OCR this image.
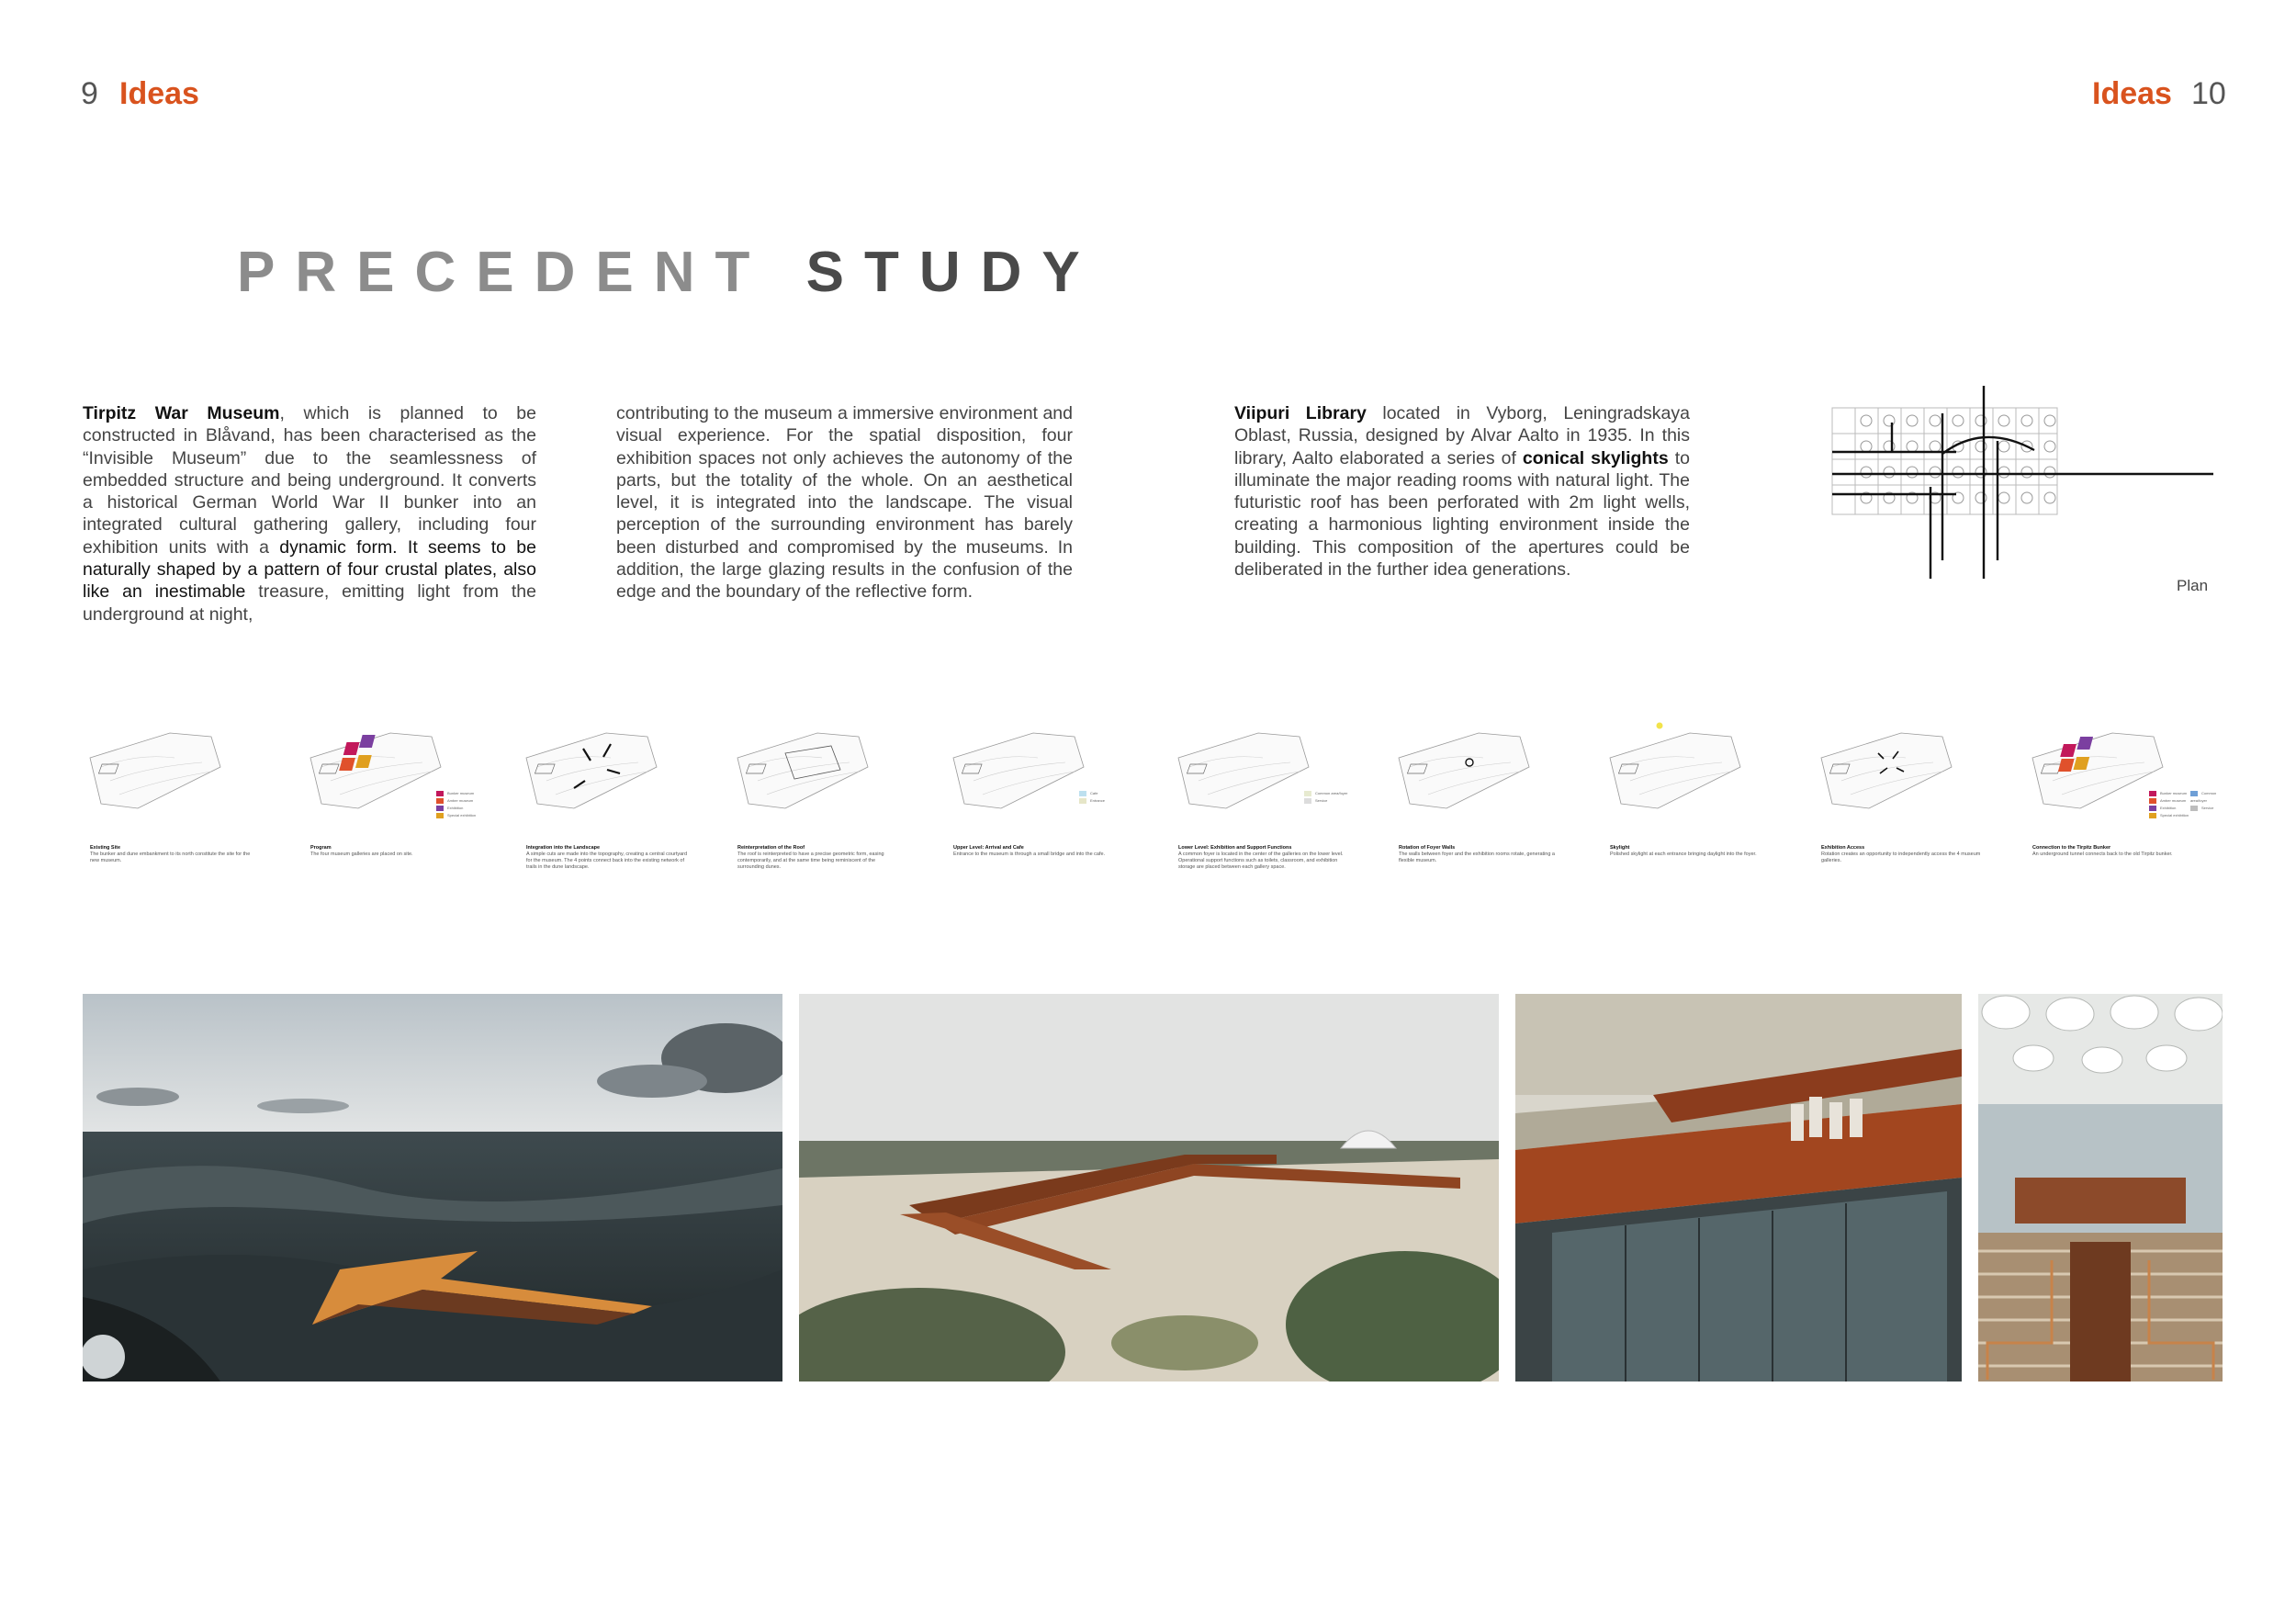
9 Ideas	Ideas 10
PRECEDENT STUDY
Tirpitz War Museum, which is planned to be constructed in Blåvand, has been characterised as the “Invisible Museum” due to the seamlessness of embedded structure and being underground. It converts a historical German World War II bunker into an integrated cultural gathering gallery, including four exhibition units with a dynamic form. It seems to be naturally shaped by a pattern of four crustal plates, also like an inestimable treasure, emitting light from the underground at night,
contributing to the museum a immersive environment and visual experience. For the spatial disposition, four exhibition spaces not only achieves the autonomy of the parts, but the totality of the whole. On an aesthetical level, it is integrated into the landscape. The visual perception of the surrounding environment has barely been disturbed and compromised by the museums. In addition, the large glazing results in the confusion of the edge and the boundary of the reflective form.
Viipuri Library located in Vyborg, Leningradskaya Oblast, Russia, designed by Alvar Aalto in 1935. In this library, Aalto elaborated a series of conical skylights to illuminate the major reading rooms with natural light. The futuristic roof has been perforated with 2m light wells, creating a harmonious lighting environment inside the building. This composition of the apertures could be deliberated in the further idea generations.
Plan
Existing Site
The bunker and dune embankment to its north constitute the site for the new museum.
Bunker museum
Amber museum
Exhibition
Special exhibition
Program
The four museum galleries are placed on site.
Integration into the Landscape
A simple cuts are made into the topography, creating a central courtyard for the museum. The 4 points connect back into the existing network of trails in the dune landscape.
Reinterpretation of the Roof
The roof is reinterpreted to have a precise geometric form, easing contemporarily, and at the same time being reminiscent of the surrounding dunes.
Cafe
Entrance
Upper Level: Arrival and Cafe
Entrance to the museum is through a small bridge and into the cafe.
Common area/foyer
Service
Lower Level: Exhibition and Support Functions
A common foyer is located in the center of the galleries on the lower level. Operational support functions such as toilets, classroom, and exhibition storage are placed between each gallery space.
Rotation of Foyer Walls
The walls between foyer and the exhibition rooms rotate, generating a flexible museum.
Skylight
Polished skylight at each entrance bringing daylight into the foyer.
Exhibition Access
Rotation creates an opportunity to independently access the 4 museum galleries.
Bunker museum
Amber museum
Exhibition
Special exhibition
Common area/foyer
Service
Connection to the Tirpitz Bunker
An underground tunnel connects back to the old Tirpitz bunker.
